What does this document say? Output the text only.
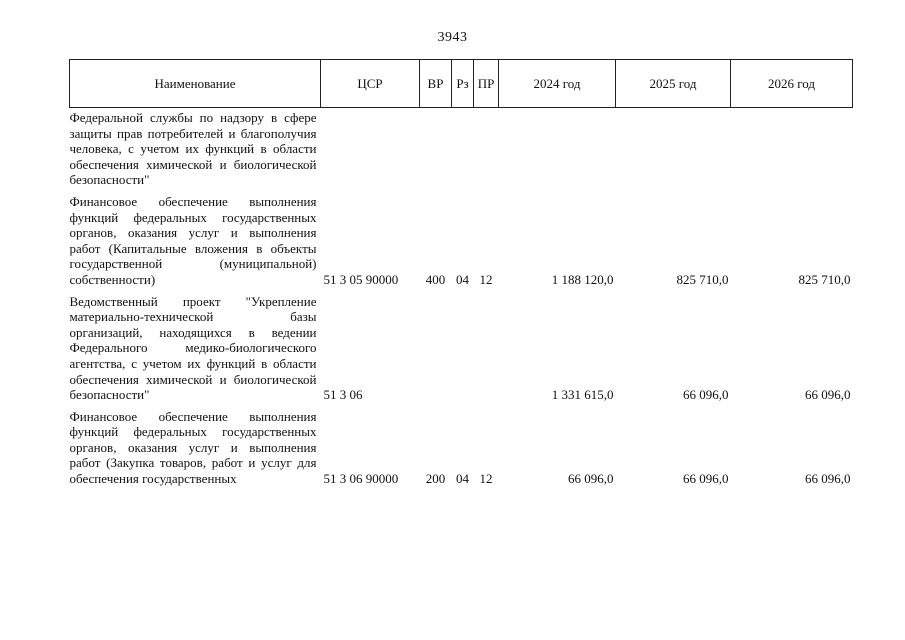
3943
Наименование	ЦСР	ВР	Рз	ПР	2024 год	2025 год	2026 год
Федеральной службы по надзору в сфере защиты прав потребителей и благополучия человека, с учетом их функций в области обеспечения химической и биологической безопасности"							
Финансовое обеспечение выполнения функций федеральных государственных органов, оказания услуг и выполнения работ (Капитальные вложения в объекты государственной (муниципальной) собственности)	51 3 05 90000	400	04	12	1 188 120,0	825 710,0	825 710,0
Ведомственный проект "Укрепление материально-технической базы организаций, находящихся в ведении Федерального медико-биологического агентства, с учетом их функций в области обеспечения химической и биологической безопасности"	51 3 06				1 331 615,0	66 096,0	66 096,0
Финансовое обеспечение выполнения функций федеральных государственных органов, оказания услуг и выполнения работ (Закупка товаров, работ и услуг для обеспечения государственных	51 3 06 90000	200	04	12	66 096,0	66 096,0	66 096,0
